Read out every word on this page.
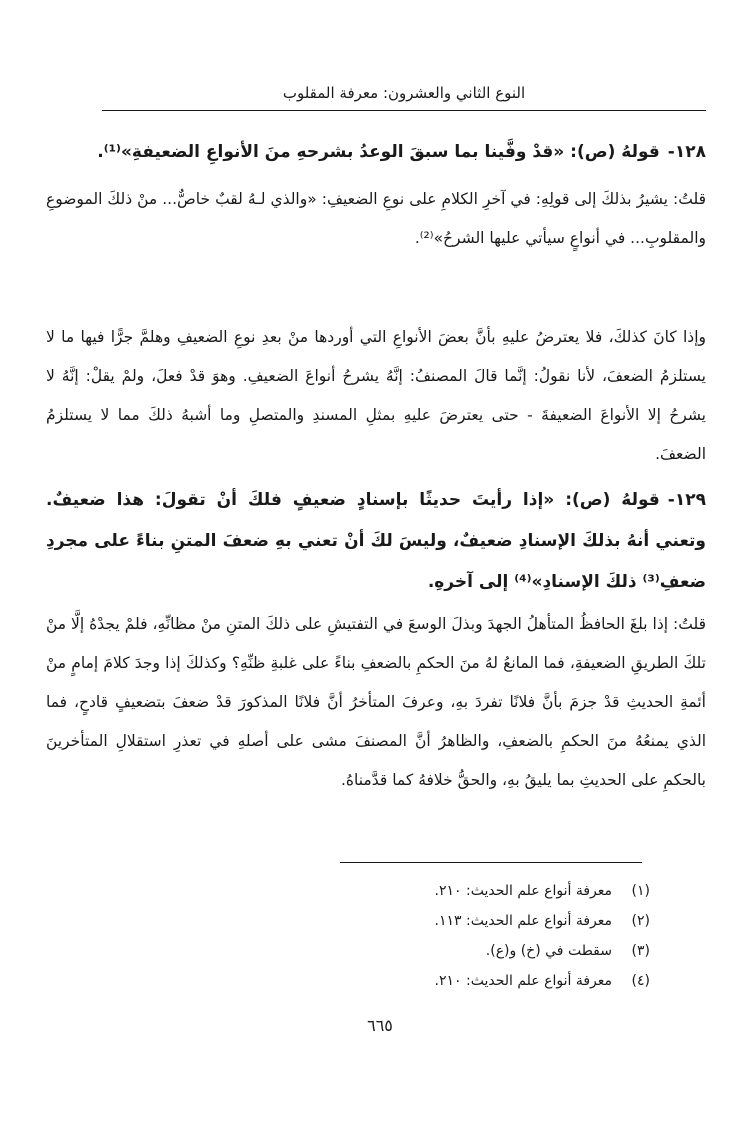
النوع الثاني والعشرون: معرفة المقلوب
١٢٨-قولهُ (ص): «قدْ وفَّينا بما سبقَ الوعدُ بشرحهِ منَ الأنواعِ الضعيفةِ»⁽¹⁾.
قلتُ: يشيرُ بذلكَ إلى قولِهِ: في آخرِ الكلامِ على نوعِ الضعيفِ: «والذي لـهُ لقبٌ خاصٌّ... منْ ذلكَ الموضوعِ والمقلوبِ... في أنواعٍ سيأتي عليها الشرحُ»⁽²⁾.
وإذا كانَ كذلكَ، فلا يعترضُ عليهِ بأنَّ بعضَ الأنواعِ التي أوردها منْ بعدِ نوعِ الضعيفِ وهلمَّ جرًّا فيها ما لا يستلزمُ الضعفَ، لأنا نقولُ: إنَّما قالَ المصنفُ: إنَّهُ يشرحُ أنواعَ الضعيفِ. وهوَ قدْ فعلَ، ولمْ يقلْ: إنَّهُ لا يشرحُ إلا الأنواعَ الضعيفةَ - حتى يعترضَ عليهِ بمثلِ المسندِ والمتصلِ وما أشبهُ ذلكَ مما لا يستلزمُ الضعفَ.
١٢٩-قولهُ (ص): «إذا رأيتَ حديثًا بإسنادٍ ضعيفٍ فلكَ أنْ تقولَ: هذا ضعيفٌ. وتعني أنهُ بذلكَ الإسنادِ ضعيفٌ، وليسَ لكَ أنْ تعني بهِ ضعفَ المتنِ بناءً على مجردِ ضعفِ⁽³⁾ ذلكَ الإسنادِ»⁽⁴⁾ إلى آخرهِ.
قلتُ: إذا بلغَ الحافظُ المتأهلُ الجهدَ وبذلَ الوسعَ في التفتيشِ على ذلكَ المتنِ منْ مظانِّهِ، فلمْ يجدْهُ إلَّا منْ تلكَ الطريقِ الضعيفةِ، فما المانعُ لهُ منَ الحكمِ بالضعفِ بناءً على غلبةِ ظنِّهِ؟ وكذلكَ إذا وجدَ كلامَ إمامٍ منْ أئمةِ الحديثِ قدْ جزمَ بأنَّ فلانًا تفردَ بهِ، وعرفَ المتأخرُ أنَّ فلانًا المذكورَ قدْ ضعفَ بتضعيفٍ قادحٍ، فما الذي يمنعُهُ منَ الحكمِ بالضعفِ، والظاهرُ أنَّ المصنفَ مشى على أصلهِ في تعذرِ استقلالِ المتأخرينَ بالحكمِ على الحديثِ بما يليقُ بهِ، والحقُّ خلافهُ كما قدَّمناهُ.
(١)معرفة أنواع علم الحديث: ٢١٠.
(٢)معرفة أنواع علم الحديث: ١١٣.
(٣)سقطت في (خ) و(ع).
(٤)معرفة أنواع علم الحديث: ٢١٠.
٦٦٥
